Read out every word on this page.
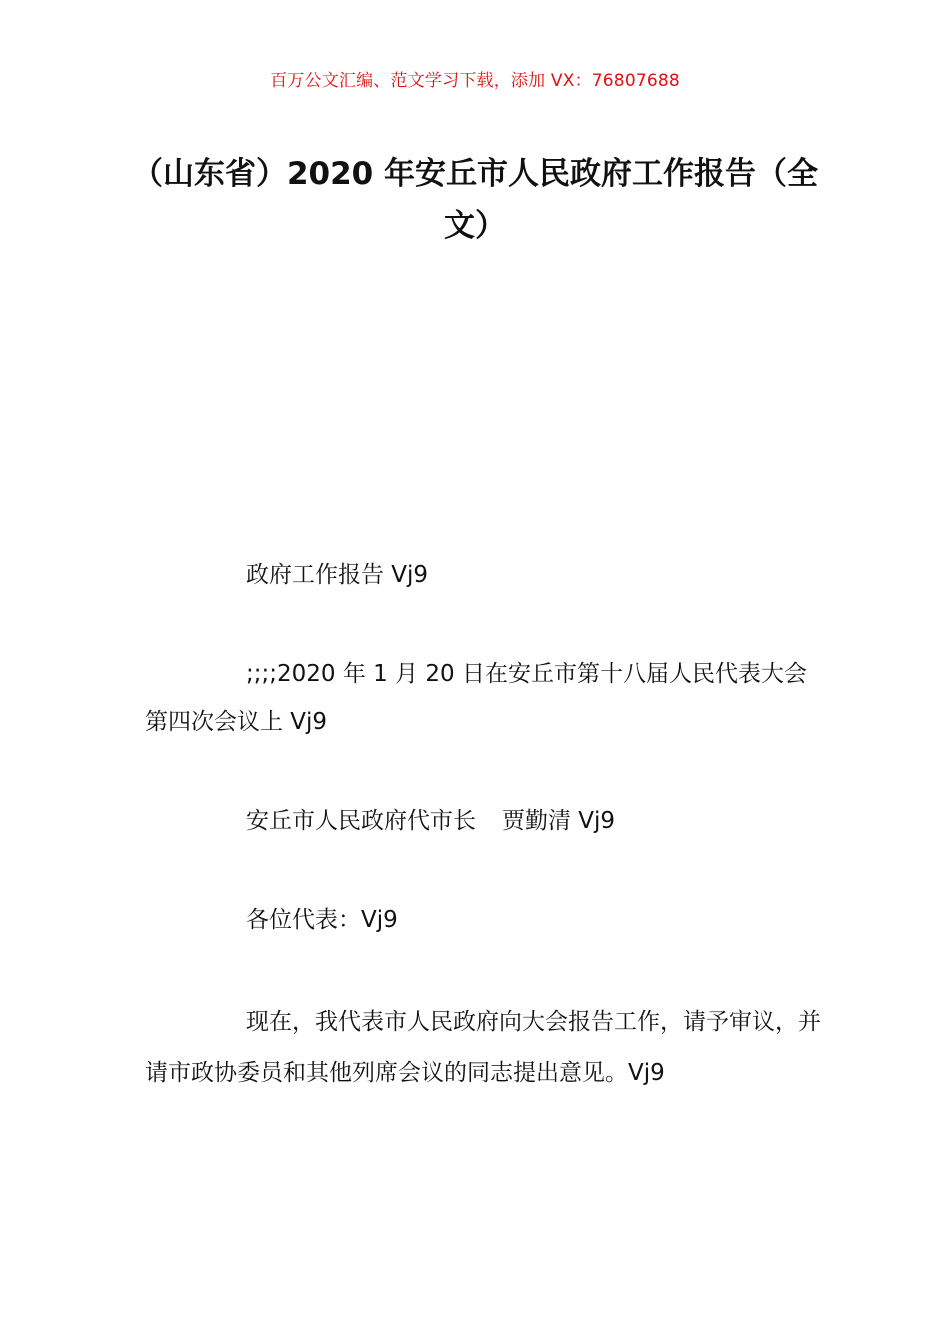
百万公文汇编、范文学习下载，添加 VX：76807688
（山东省）2020 年安丘市人民政府工作报告（全文）
政府工作报告 Vj9
;;;;2020 年 1 月 20 日在安丘市第十八届人民代表大会第四次会议上 Vj9
安丘市人民政府代市长 贾勤清 Vj9
各位代表：Vj9
现在，我代表市人民政府向大会报告工作，请予审议，并请市政协委员和其他列席会议的同志提出意见。Vj9
